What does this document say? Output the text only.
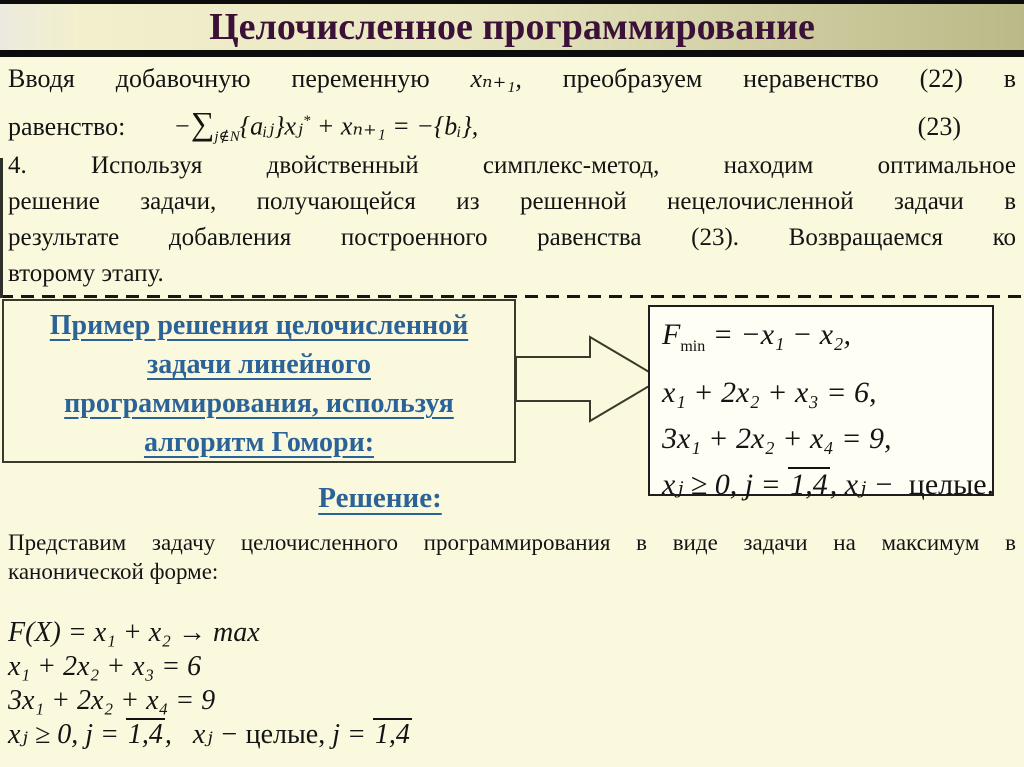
Целочисленное программирование
Вводя добавочную переменную xₙ₊₁, преобразуем неравенство (22) в
равенство: $-\sum_{j\notin N}\{aᵢⱼ\}xⱼ^* + x_{n+1}$ = −{bᵢ},	(23)
4. Используя двойственный симплекс-метод, находим оптимальное
решение задачи, получающейся из решенной нецелочисленной задачи в
результате добавления построенного равенства (23). Возвращаемся ко
второму этапу.
Пример решения целочисленной
задачи линейного
программирования, используя
алгоритм Гомори:
$F_{min} = -x_1 - x_2$,
x₁ + 2x₂ + x₃ = 6,
3x₁ + 2x₂ + x₄ = 9,
xⱼ ≥ 0, j = 1,4, xⱼ −  целые.
Решение:
Представим задачу целочисленного программирования в виде задачи на максимум в
канонической форме:
F(X) = x₁ + x₂ → max
x₁ + 2x₂ + x₃ = 6
3x₁ + 2x₂ + x₄ = 9
xⱼ ≥ 0, j = 1,4,   xⱼ − целые, j = 1,4
